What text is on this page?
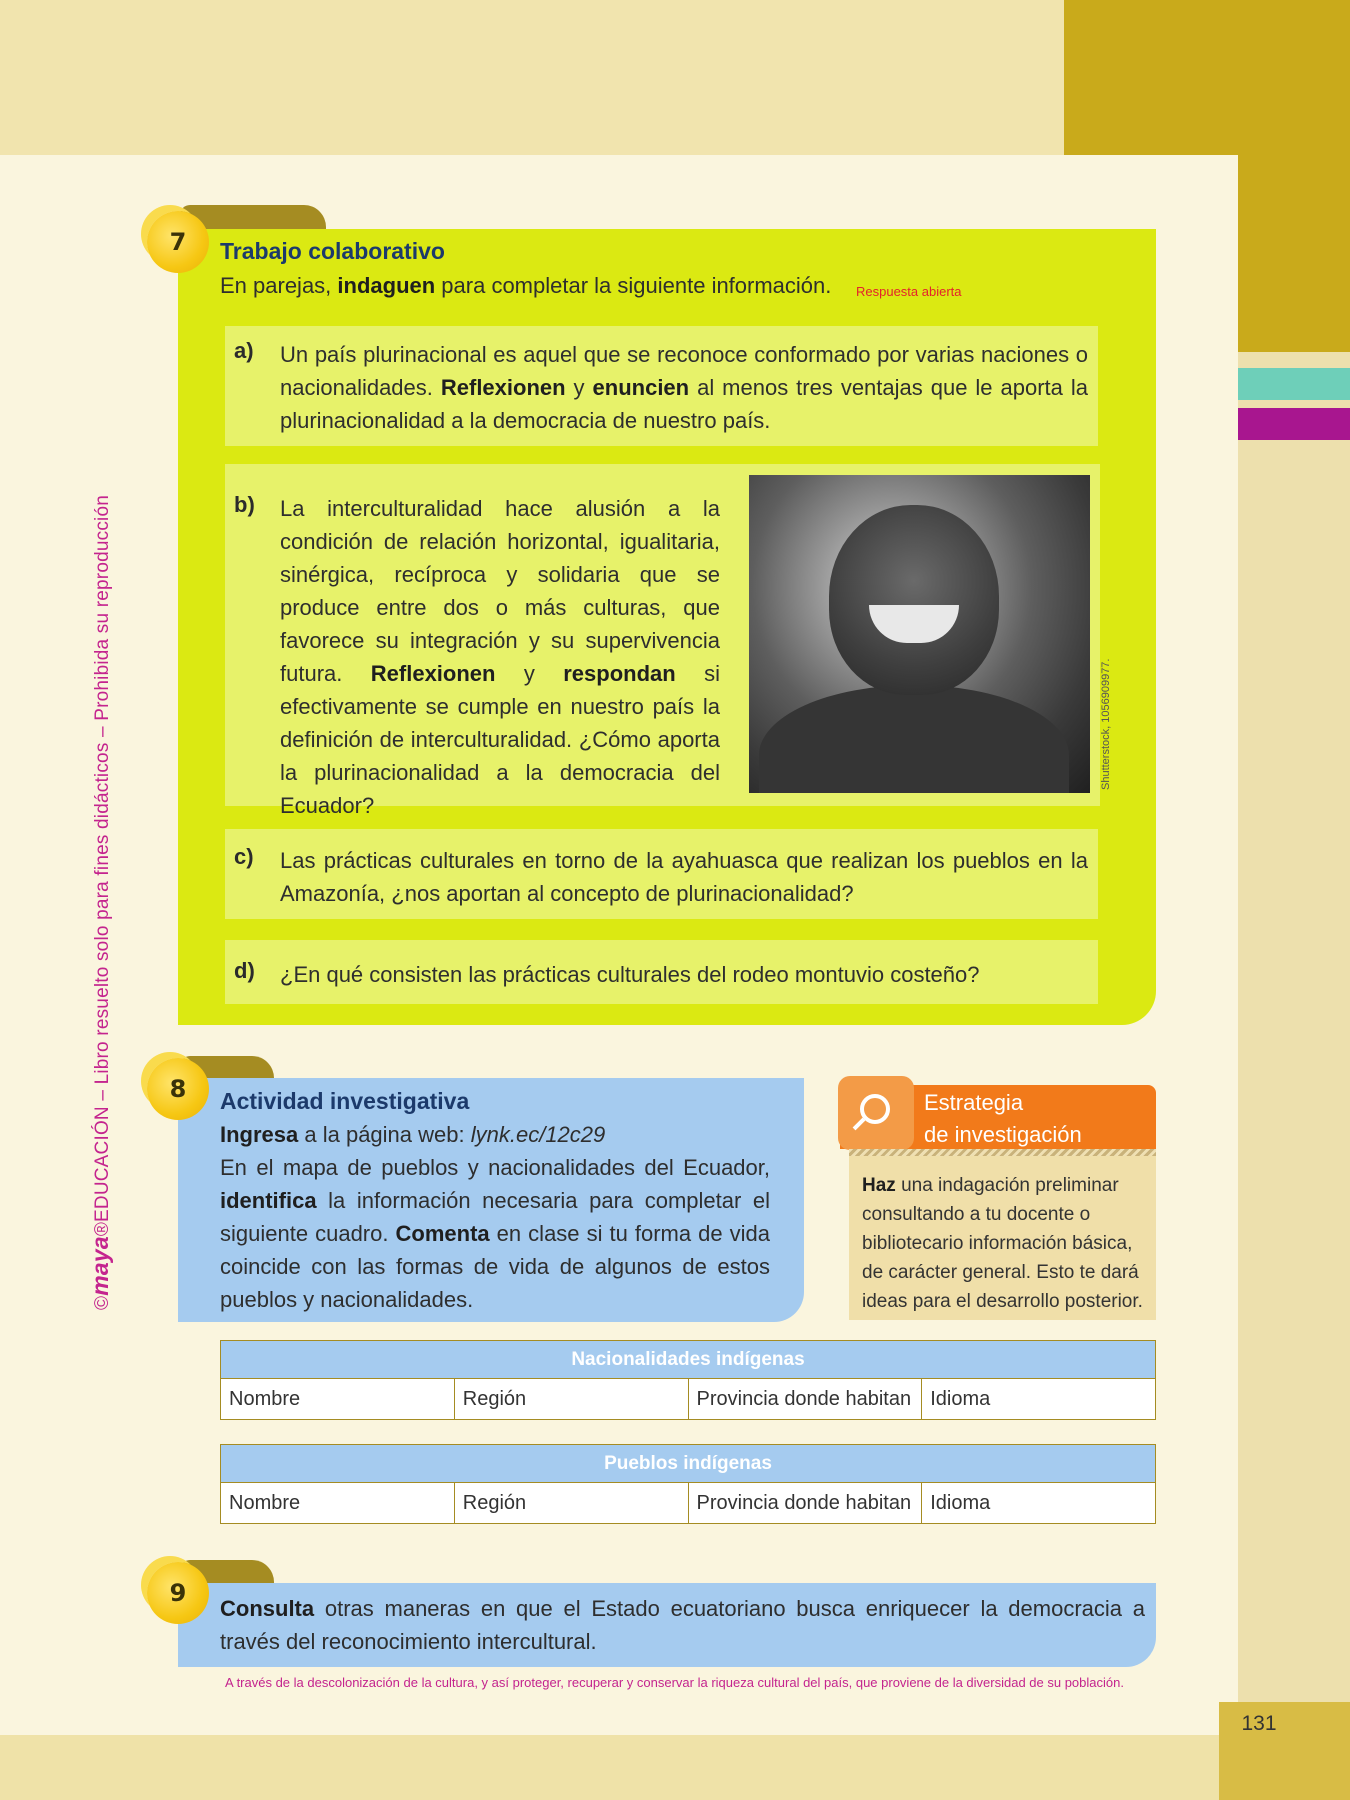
131
©maya®EDUCACIÓN – Libro resuelto solo para fines didácticos – Prohibida su reproducción
7	Trabajo colaborativo
En parejas, indaguen para completar la siguiente información. Respuesta abierta
a) Un país plurinacional es aquel que se reconoce conformado por varias naciones o nacionalidades. Reflexionen y enuncien al menos tres ventajas que le aporta la plurinacionalidad a la democracia de nuestro país.
b) La interculturalidad hace alusión a la condición de relación horizontal, igualitaria, sinérgica, recíproca y solidaria que se produce entre dos o más culturas, que favorece su integración y su supervivencia futura. Reflexionen y respondan si efectivamente se cumple en nuestro país la definición de interculturalidad. ¿Cómo aporta la plurinacionalidad a la democracia del Ecuador?
Shutterstock, 1056909977.
c) Las prácticas culturales en torno de la ayahuasca que realizan los pueblos en la Amazonía, ¿nos aportan al concepto de plurinacionalidad?
d) ¿En qué consisten las prácticas culturales del rodeo montuvio costeño?
8	Actividad investigativa
Ingresa a la página web: lynk.ec/12c29
En el mapa de pueblos y nacionalidades del Ecuador, identifica la información necesaria para completar el siguiente cuadro. Comenta en clase si tu forma de vida coincide con las formas de vida de algunos de estos pueblos y nacionalidades.
Estrategia
de investigación
Haz una indagación preliminar consultando a tu docente o bibliotecario información básica, de carácter general. Esto te dará ideas para el desarrollo posterior.
Nacionalidades indígenas
Nombre	Región	Provincia donde habitan	Idioma
Pueblos indígenas
Nombre	Región	Provincia donde habitan	Idioma
9
Consulta otras maneras en que el Estado ecuatoriano busca enriquecer la democracia a través del reconocimiento intercultural.
A través de la descolonización de la cultura, y así proteger, recuperar y conservar la riqueza cultural del país, que proviene de la diversidad de su población.
